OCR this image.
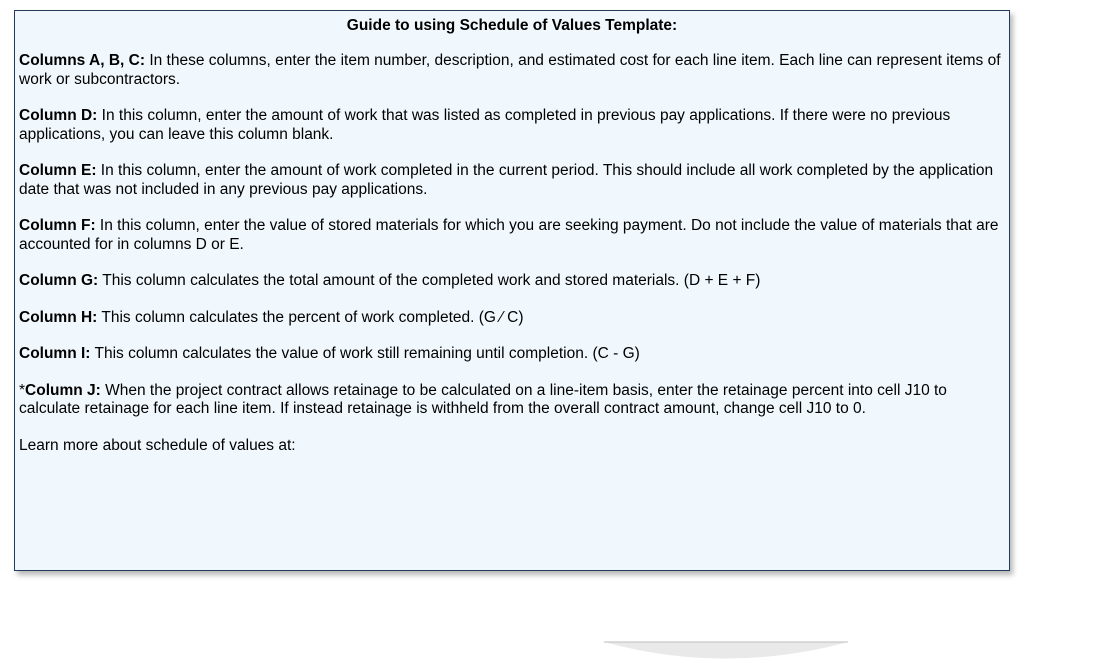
Guide to using Schedule of Values Template:
Columns A, B, C: In these columns, enter the item number, description, and estimated cost for each line item. Each line can represent items of work or subcontractors.
Column D: In this column, enter the amount of work that was listed as completed in previous pay applications. If there were no previous applications, you can leave this column blank.
Column E: In this column, enter the amount of work completed in the current period. This should include all work completed by the application date that was not included in any previous pay applications.
Column F: In this column, enter the value of stored materials for which you are seeking payment. Do not include the value of materials that are accounted for in columns D or E.
Column G: This column calculates the total amount of the completed work and stored materials. (D + E + F)
Column H: This column calculates the percent of work completed. (G ⁄ C)
Column I: This column calculates the value of work still remaining until completion. (C - G)
*Column J: When the project contract allows retainage to be calculated on a line-item basis, enter the retainage percent into cell J10 to calculate retainage for each line item. If instead retainage is withheld from the overall contract amount, change cell J10 to 0.
Learn more about schedule of values at:
